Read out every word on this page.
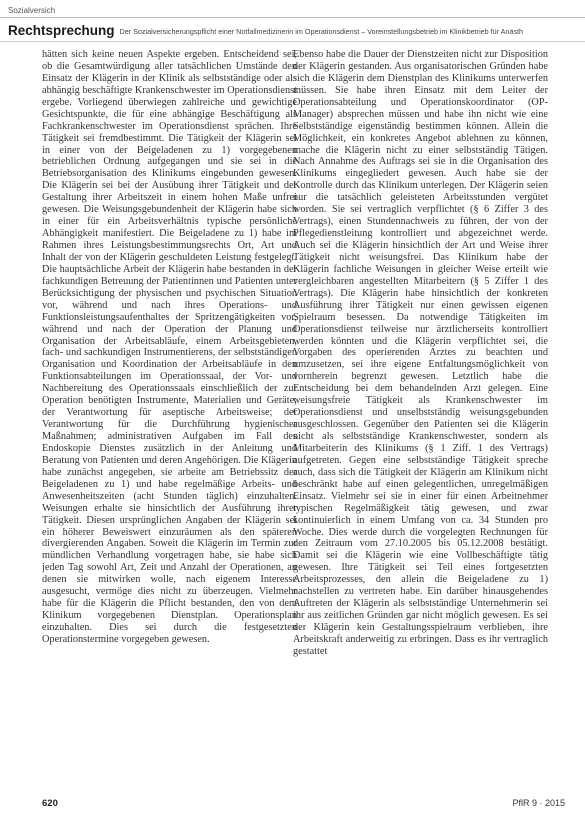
Sozialversich
Rechtsprechung Der Sozialversicherungspflicht einer Notfallmedizinerin im Operationsdienst – Voreinstellungsbetrieb im Klinikbetrieb für Anästh

hätten sich keine neuen Aspekte ergeben. Entscheidend sei, ob die Gesamtwürdigung aller tatsächlichen Umstände den Einsatz der Klägerin in der Klinik als selbstständige oder als abhängig beschäftigte Krankenschwester im Operationsdienst ergebe. Vorliegend überwiegen zahlreiche und gewichtige Gesichtspunkte, die für eine abhängige Beschäftigung als Fachkrankenschwester im Operationsdienst sprächen. Ihre Tätigkeit sei fremdbestimmt. Die Tätigkeit der Klägerin sei in einer von der Beigeladenen zu 1) vorgegebenen betrieblichen Ordnung aufgegangen und sie sei in die Betriebsorganisation des Klinikums eingebunden gewesen. Die Klägerin sei bei der Ausübung ihrer Tätigkeit und der Gestaltung ihrer Arbeitszeit in einem hohen Maße unfrei gewesen. Die Weisungsgebundenheit der Klägerin habe sich in einer für ein Arbeitsverhältnis typische persönliche Abhängigkeit manifestiert. Die Beigeladene zu 1) habe im Rahmen ihres Leistungsbestimmungsrechts Ort, Art und Inhalt der von der Klägerin geschuldeten Leistung festgelegt. Die hauptsächliche Arbeit der Klägerin habe bestanden in der fachkundigen Betreuung der Patientinnen und Patienten unter Berücksichtigung der physischen und psychischen Situation vor, während und nach ihres Operations- und Funktionsleistungsaufenthaltes der Spritzengätigkeiten vor, während und nach der Operation der Planung und Organisation der Arbeitsabläufe, einem Arbeitsgebieten, fach- und sachkundigen Instrumentierens, der selbstständigen Organisation und Koordination der Arbeitsabläufe in den Funktionsabteilungen im Operationssaal, der Vor- und Nachbereitung des Operationssaals einschließlich der zur Operation benötigten Instrumente, Materialien und Geräte; der Verantwortung für aseptische Arbeitsweise; der Verantwortung für die Durchführung hygienischer Maßnahmen; administrativen Aufgaben im Fall des Endoskopie Dienstes zusätzlich in der Anleitung und Beratung von Patienten und deren Angehörigen. Die Klägerin habe zunächst angegeben, sie arbeite am Betriebssitz der Beigeladenen zu 1) und habe regelmäßige Arbeits- und Anwesenheitszeiten (acht Stunden täglich) einzuhalten. Weisungen erhalte sie hinsichtlich der Ausführung ihrer Tätigkeit. Diesen ursprünglichen Angaben der Klägerin sei ein höherer Beweiswert einzuräumen als den späteren divergierenden Angaben. Soweit die Klägerin im Termin zur mündlichen Verhandlung vorgetragen habe, sie habe sich jeden Tag sowohl Art, Zeit und Anzahl der Operationen, an denen sie mitwirken wolle, nach eigenem Interesse ausgesucht, vermöge dies nicht zu überzeugen. Vielmehr habe für die Klägerin die Pflicht bestanden, den von dem Klinikum vorgegebenen Dienstplan. Operationsplan einzuhalten. Dies sei durch die festgesetzten Operationstermine vorgegeben gewesen.

Ebenso habe die Dauer der Dienstzeiten nicht zur Disposition der Klägerin gestanden. Aus organisatorischen Gründen habe sich die Klägerin dem Dienstplan des Klinikums unterwerfen müssen. Sie habe ihren Einsatz mit dem Leiter der Operationsabteilung und Operationskoordinator (OP-Manager) absprechen müssen und habe ihn nicht wie eine Selbstständige eigenständig bestimmen können. Allein die Möglichkeit, ein konkretes Angebot ablehnen zu können, mache die Klägerin nicht zu einer selbstständig Tätigen. Nach Annahme des Auftrags sei sie in die Organisation des Klinikums eingegliedert gewesen. Auch habe sie der Kontrolle durch das Klinikum unterlegen. Der Klägerin seien nur die tatsächlich geleisteten Arbeitsstunden vergütet worden. Sie sei vertraglich verpflichtet (§ 6 Ziffer 3 des Vertrags), einen Stundennachweis zu führen, der von der Pflegedienstleitung kontrolliert und abgezeichnet werde. Auch sei die Klägerin hinsichtlich der Art und Weise ihrer Tätigkeit nicht weisungsfrei. Das Klinikum habe der Klägerin fachliche Weisungen in gleicher Weise erteilt wie vergleichbaren angestellten Mitarbeitern (§ 5 Ziffer 1 des Vertrags). Die Klägerin habe hinsichtlich der konkreten Ausführung ihrer Tätigkeit nur einen gewissen eigenen Spielraum besessen. Da notwendige Tätigkeiten im Operationsdienst teilweise nur ärztlicherseits kontrolliert werden könnten und die Klägerin verpflichtet sei, die Vorgaben des operierenden Arztes zu beachten und umzusetzen, sei ihre eigene Entfaltungsmöglichkeit von vornherein begrenzt gewesen. Letztlich habe die Entscheidung bei dem behandelnden Arzt gelegen. Eine weisungsfreie Tätigkeit als Krankenschwester im Operationsdienst und unselbstständig weisungsgebunden ausgeschlossen. Gegenüber den Patienten sei die Klägerin nicht als selbstständige Krankenschwester, sondern als Mitarbeiterin des Klinikums (§ 1 Ziff. 1 des Vertrags) aufgetreten. Gegen eine selbstständige Tätigkeit spreche auch, dass sich die Tätigkeit der Klägerin am Klinikum nicht beschränkt habe auf einen gelegentlichen, unregelmäßigen Einsatz. Vielmehr sei sie in einer für einen Arbeitnehmer typischen Regelmäßigkeit tätig gewesen, und zwar kontinuierlich in einem Umfang von ca. 34 Stunden pro Woche. Dies werde durch die vorgelegten Rechnungen für den Zeitraum vom 27.10.2005 bis 05.12.2008 bestätigt. Damit sei die Klägerin wie eine Vollbeschäftigte tätig gewesen. Ihre Tätigkeit sei Teil eines fortgesetzten Arbeitsprozesses, den allein die Beigeladene zu 1) nachstellen zu vertreten habe. Ein darüber hinausgehendes Auftreten der Klägerin als selbstständige Unternehmerin sei ihr aus zeitlichen Gründen gar nicht möglich gewesen. Es sei der Klägerin kein Gestaltungsspielraum verblieben, ihre Arbeitskraft anderweitig zu erbringen. Dass es ihr vertraglich gestattet

620	PflR 9 · 2015
